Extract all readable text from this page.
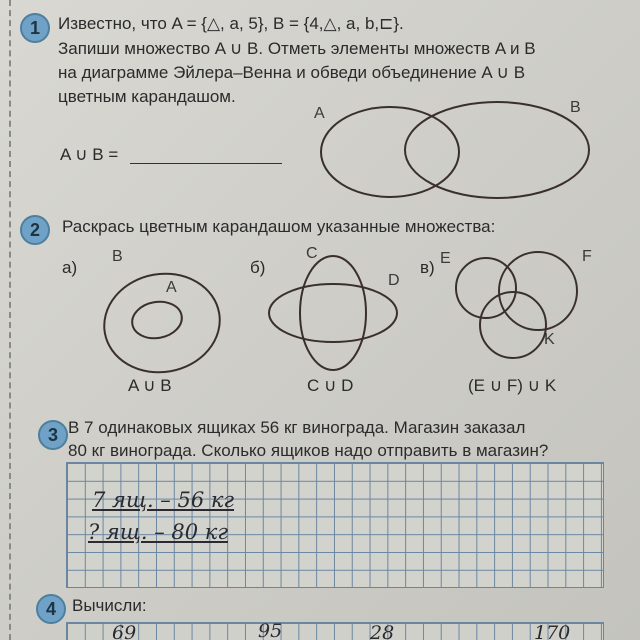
1 Известно, что A = {△, a, 5}, B = {4,△, a, b,⊏⁠⁠⁠⁠}.
Запиши множество A ∪ B. Отметь элементы множеств A и B
на диаграмме Эйлера–Венна и обведи объединение A ∪ B
цветным карандашом.
A ∪ B =
A	B
2 Раскрась цветным карандашом указанные множества:
а)
B
A
A ∪ B
б)
C
D
C ∪ D
в) E	F
K
(E ∪ F) ∪ K
3 В 7 одинаковых ящиках 56 кг винограда. Магазин заказал
80 кг винограда. Сколько ящиков надо отправить в магазин?
7 ящ. – 56 кг
? ящ. – 80 кг
4 Вычисли:
69	95	28	170
